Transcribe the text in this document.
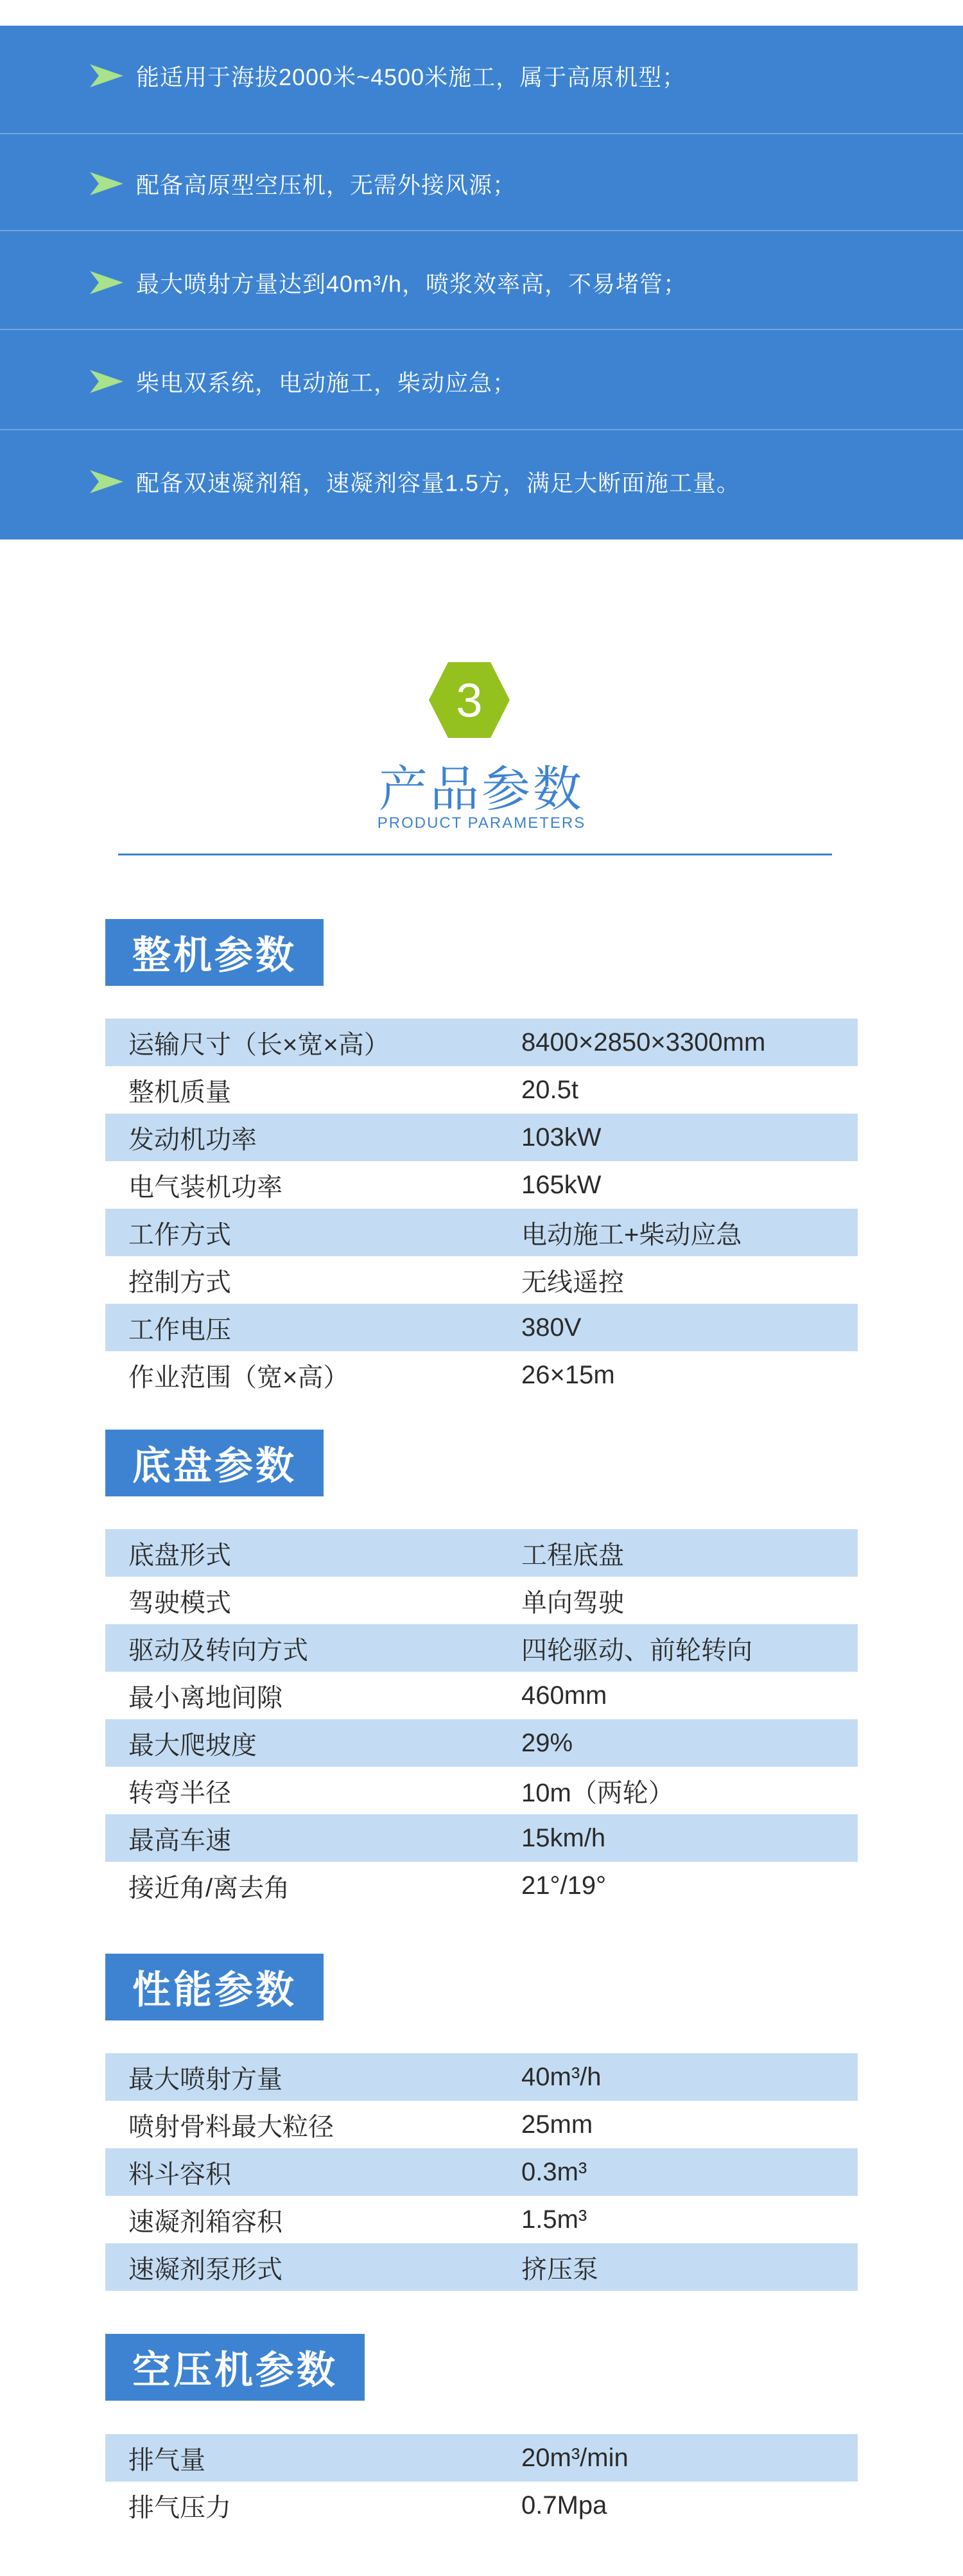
能适用于海拔2000米~4500米施工，属于高原机型；
配备高原型空压机，无需外接风源；
最大喷射方量达到40m³/h，喷浆效率高，不易堵管；
柴电双系统，电动施工，柴动应急；
配备双速凝剂箱，速凝剂容量1.5方，满足大断面施工量。
3
产品参数
PRODUCT PARAMETERS
整机参数
运输尺寸（长×宽×高）	8400×2850×3300mm
整机质量	20.5t
发动机功率	103kW
电气装机功率	165kW
工作方式	电动施工+柴动应急
控制方式	无线遥控
工作电压	380V
作业范围（宽×高）	26×15m
底盘参数
底盘形式	工程底盘
驾驶模式	单向驾驶
驱动及转向方式	四轮驱动、前轮转向
最小离地间隙	460mm
最大爬坡度	29%
转弯半径	10m（两轮）
最高车速	15km/h
接近角/离去角	21°/19°
性能参数
最大喷射方量	40m³/h
喷射骨料最大粒径	25mm
料斗容积	0.3m³
速凝剂箱容积	1.5m³
速凝剂泵形式	挤压泵
空压机参数
排气量	20m³/min
排气压力	0.7Mpa
